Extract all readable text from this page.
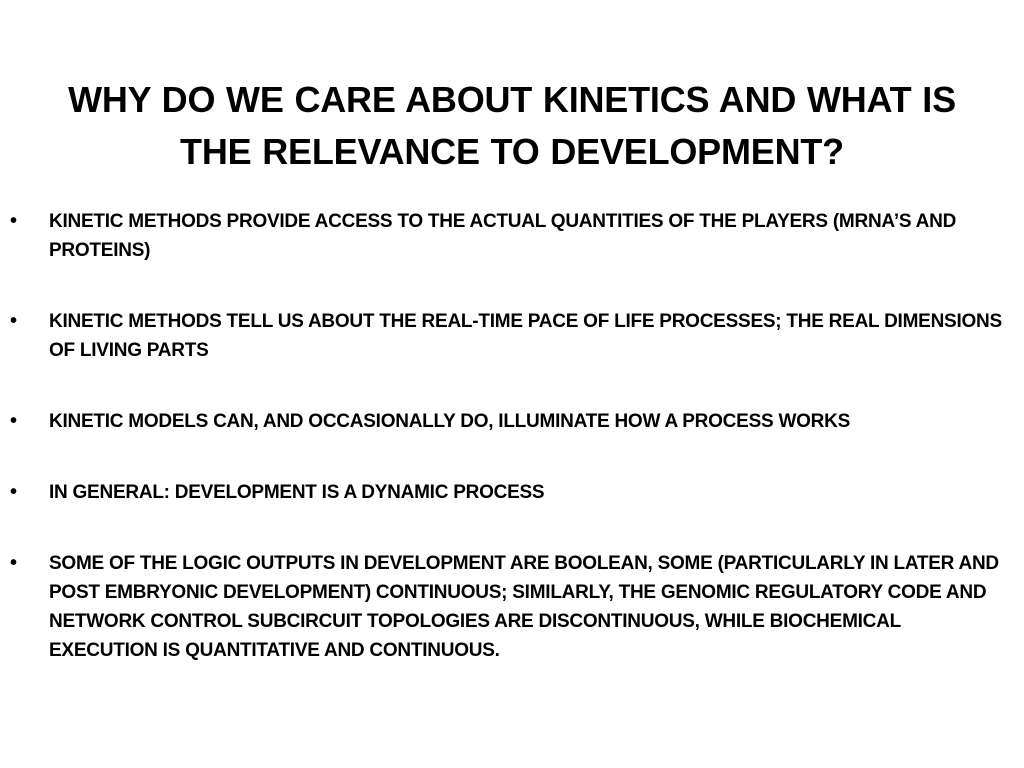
WHY DO WE CARE ABOUT KINETICS AND WHAT IS THE RELEVANCE TO DEVELOPMENT?
•	KINETIC METHODS PROVIDE ACCESS TO THE ACTUAL QUANTITIES OF THE PLAYERS (MRNA’S AND PROTEINS)
•	KINETIC METHODS TELL US ABOUT THE REAL-TIME PACE OF LIFE PROCESSES; THE REAL DIMENSIONS OF LIVING PARTS
•	KINETIC MODELS CAN, AND OCCASIONALLY DO, ILLUMINATE HOW A PROCESS WORKS
•	IN GENERAL: DEVELOPMENT IS A DYNAMIC PROCESS
•	SOME OF THE LOGIC OUTPUTS IN DEVELOPMENT ARE BOOLEAN, SOME (PARTICULARLY IN LATER AND POST EMBRYONIC DEVELOPMENT) CONTINUOUS; SIMILARLY, THE GENOMIC REGULATORY CODE AND NETWORK CONTROL SUBCIRCUIT TOPOLOGIES ARE DISCONTINUOUS, WHILE BIOCHEMICAL EXECUTION IS QUANTITATIVE AND CONTINUOUS.
